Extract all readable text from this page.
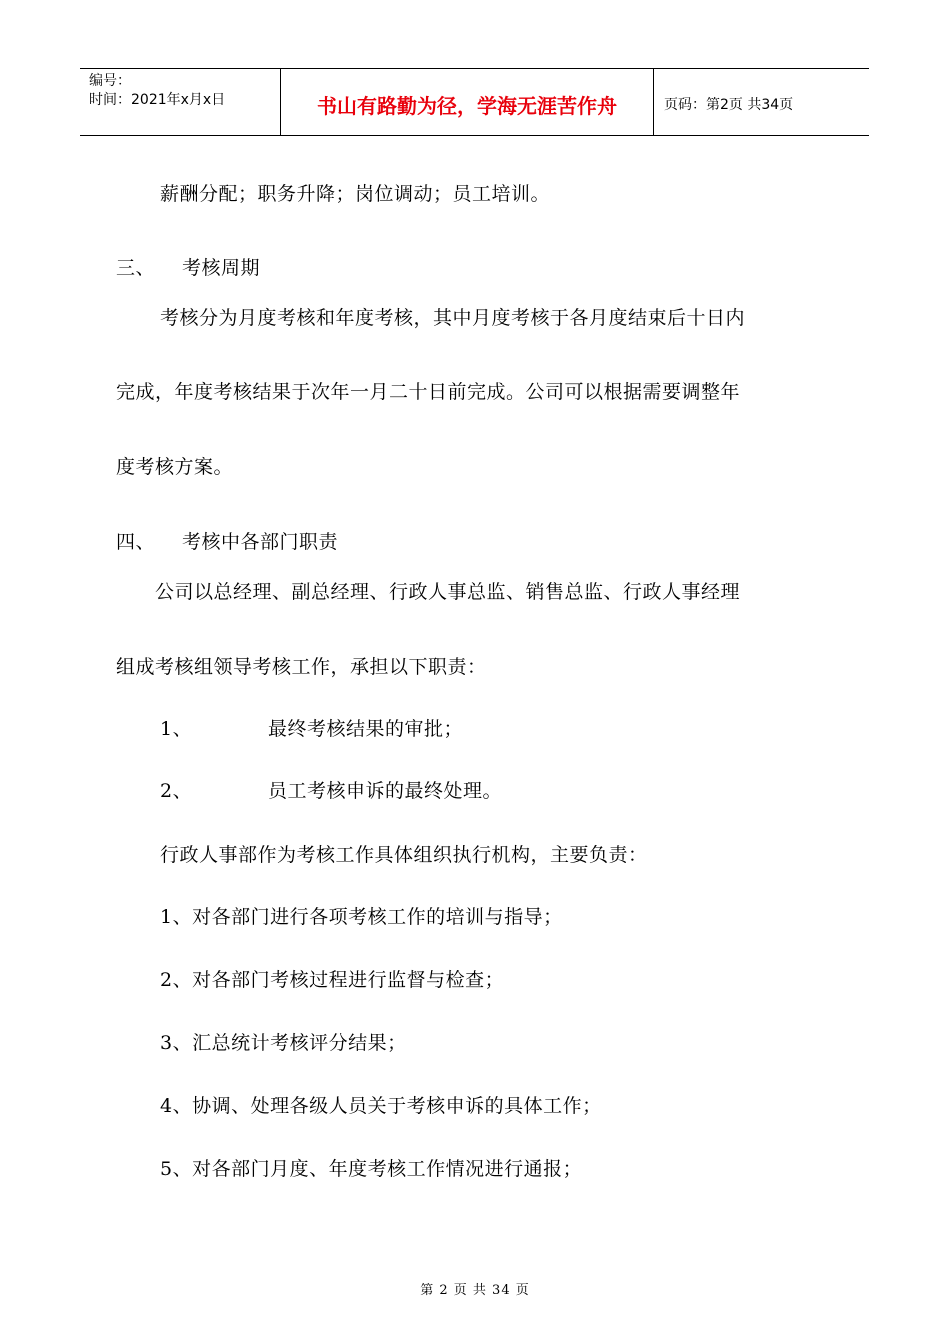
编号：
时间：2021年x月x日	书山有路勤为径，学海无涯苦作舟	页码：第2页 共34页
薪酬分配；职务升降；岗位调动；员工培训。
三、 考核周期
考核分为月度考核和年度考核，其中月度考核于各月度结束后十日内
完成，年度考核结果于次年一月二十日前完成。公司可以根据需要调整年
度考核方案。
四、 考核中各部门职责
公司以总经理、副总经理、行政人事总监、销售总监、行政人事经理
组成考核组领导考核工作，承担以下职责：
1、	最终考核结果的审批；
2、	员工考核申诉的最终处理。
行政人事部作为考核工作具体组织执行机构，主要负责：
1、对各部门进行各项考核工作的培训与指导；
2、对各部门考核过程进行监督与检查；
3、汇总统计考核评分结果；
4、协调、处理各级人员关于考核申诉的具体工作；
5、对各部门月度、年度考核工作情况进行通报；
第 2 页 共 34 页
